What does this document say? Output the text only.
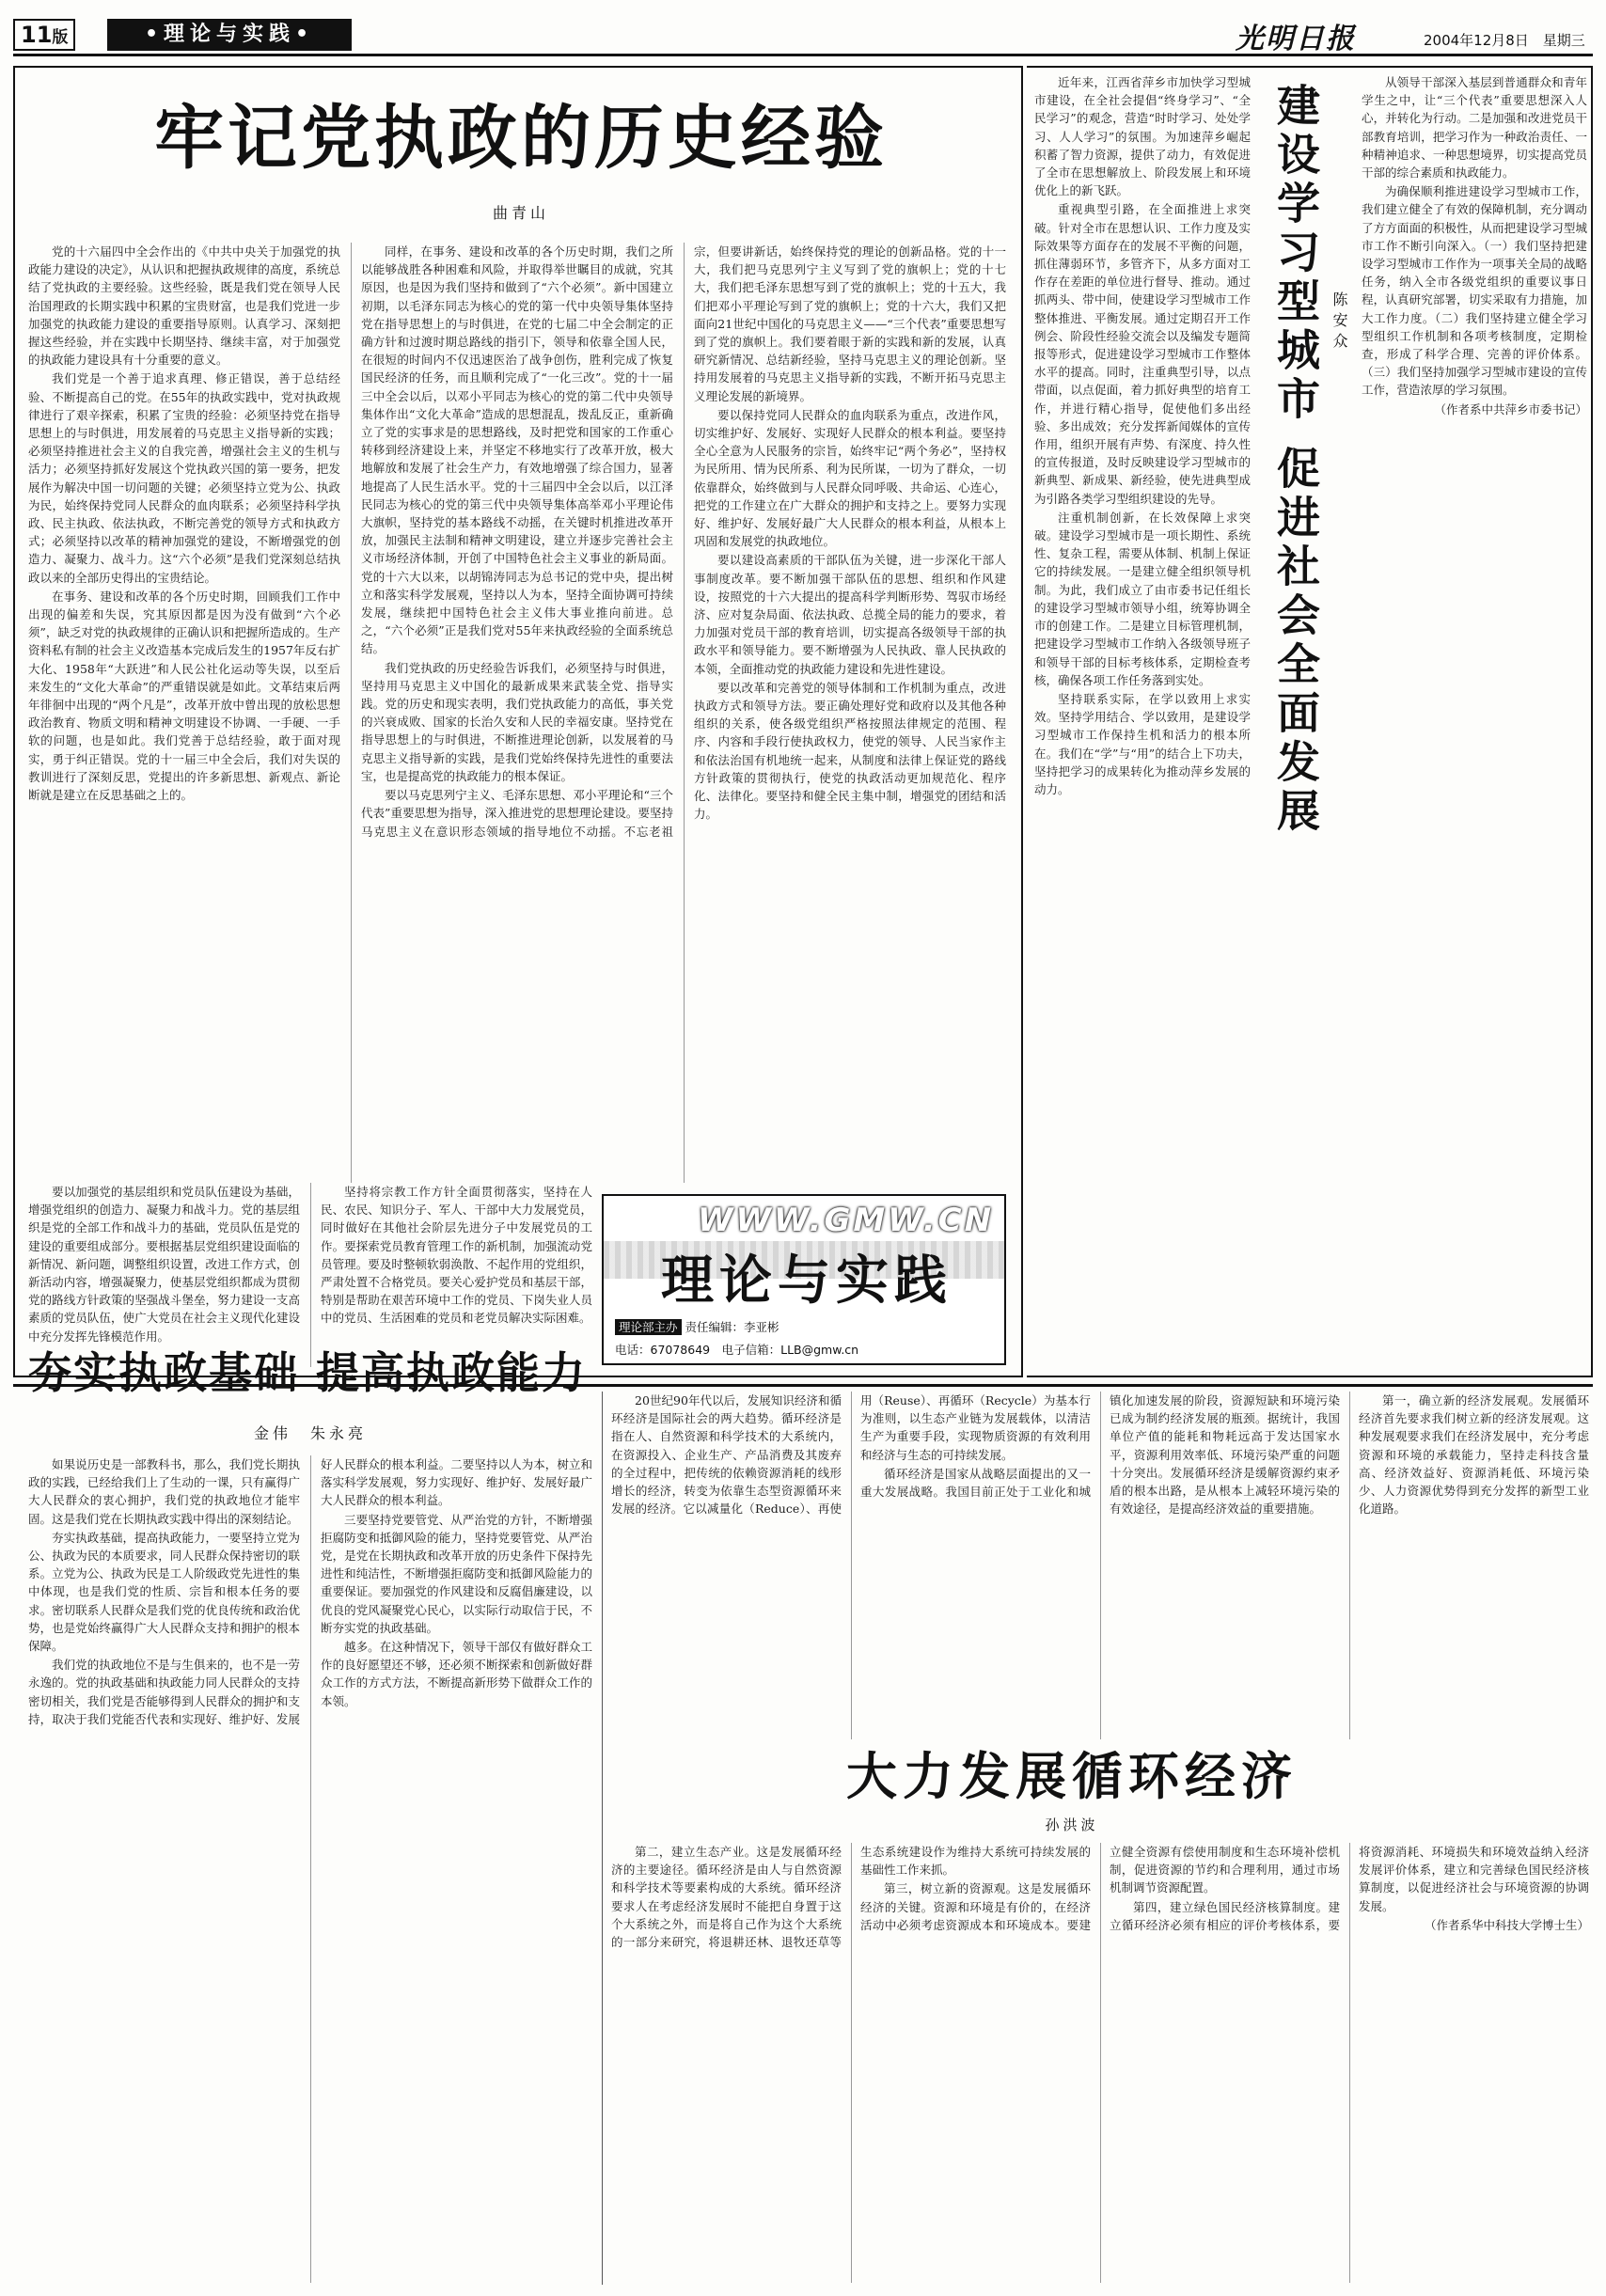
11版	•理论与实践•	光明日报	2004年12月8日　星期三
牢记党执政的历史经验
曲青山

党的十六届四中全会作出的《中共中央关于加强党的执政能力建设的决定》，从认识和把握执政规律的高度，系统总结了党执政的主要经验。这些经验，既是我们党在领导人民治国理政的长期实践中积累的宝贵财富，也是我们党进一步加强党的执政能力建设的重要指导原则。认真学习、深刻把握这些经验，并在实践中长期坚持、继续丰富，对于加强党的执政能力建设具有十分重要的意义。

我们党是一个善于追求真理、修正错误，善于总结经验、不断提高自己的党。在55年的执政实践中，党对执政规律进行了艰辛探索，积累了宝贵的经验：必须坚持党在指导思想上的与时俱进，用发展着的马克思主义指导新的实践；必须坚持推进社会主义的自我完善，增强社会主义的生机与活力；必须坚持抓好发展这个党执政兴国的第一要务，把发展作为解决中国一切问题的关键；必须坚持立党为公、执政为民，始终保持党同人民群众的血肉联系；必须坚持科学执政、民主执政、依法执政，不断完善党的领导方式和执政方式；必须坚持以改革的精神加强党的建设，不断增强党的创造力、凝聚力、战斗力。这“六个必须”是我们党深刻总结执政以来的全部历史得出的宝贵结论。

在事务、建设和改革的各个历史时期，回顾我们工作中出现的偏差和失误，究其原因都是因为没有做到“六个必须”，缺乏对党的执政规律的正确认识和把握所造成的。生产资料私有制的社会主义改造基本完成后发生的1957年反右扩大化、1958年“大跃进”和人民公社化运动等失误，以至后来发生的“文化大革命”的严重错误就是如此。文革结束后两年徘徊中出现的“两个凡是”，改革开放中曾出现的放松思想政治教育、物质文明和精神文明建设不协调、一手硬、一手软的问题，也是如此。我们党善于总结经验，敢于面对现实，勇于纠正错误。党的十一届三中全会后，我们对失误的教训进行了深刻反思，党提出的许多新思想、新观点、新论断就是建立在反思基础之上的。

同样，在事务、建设和改革的各个历史时期，我们之所以能够战胜各种困难和风险，并取得举世瞩目的成就，究其原因，也是因为我们坚持和做到了“六个必须”。新中国建立初期，以毛泽东同志为核心的党的第一代中央领导集体坚持党在指导思想上的与时俱进，在党的七届二中全会制定的正确方针和过渡时期总路线的指引下，领导和依靠全国人民，在很短的时间内不仅迅速医治了战争创伤，胜利完成了恢复国民经济的任务，而且顺利完成了“一化三改”。党的十一届三中全会以后，以邓小平同志为核心的党的第二代中央领导集体作出“文化大革命”造成的思想混乱，拨乱反正，重新确立了党的实事求是的思想路线，及时把党和国家的工作重心转移到经济建设上来，并坚定不移地实行了改革开放，极大地解放和发展了社会生产力，有效地增强了综合国力，显著地提高了人民生活水平。党的十三届四中全会以后，以江泽民同志为核心的党的第三代中央领导集体高举邓小平理论伟大旗帜，坚持党的基本路线不动摇，在关键时机推进改革开放，加强民主法制和精神文明建设，建立并逐步完善社会主义市场经济体制，开创了中国特色社会主义事业的新局面。党的十六大以来，以胡锦涛同志为总书记的党中央，提出树立和落实科学发展观，坚持以人为本，坚持全面协调可持续发展，继续把中国特色社会主义伟大事业推向前进。总之，“六个必须”正是我们党对55年来执政经验的全面系统总结。

我们党执政的历史经验告诉我们，必须坚持与时俱进，坚持用马克思主义中国化的最新成果来武装全党、指导实践。党的历史和现实表明，我们党执政能力的高低，事关党的兴衰成败、国家的长治久安和人民的幸福安康。坚持党在指导思想上的与时俱进，不断推进理论创新，以发展着的马克思主义指导新的实践，是我们党始终保持先进性的重要法宝，也是提高党的执政能力的根本保证。

要以马克思列宁主义、毛泽东思想、邓小平理论和“三个代表”重要思想为指导，深入推进党的思想理论建设。要坚持马克思主义在意识形态领域的指导地位不动摇。不忘老祖宗，但要讲新话，始终保持党的理论的创新品格。党的十一大，我们把马克思列宁主义写到了党的旗帜上；党的十七大，我们把毛泽东思想写到了党的旗帜上；党的十五大，我们把邓小平理论写到了党的旗帜上；党的十六大，我们又把面向21世纪中国化的马克思主义——“三个代表”重要思想写到了党的旗帜上。我们要着眼于新的实践和新的发展，认真研究新情况、总结新经验，坚持马克思主义的理论创新。坚持用发展着的马克思主义指导新的实践，不断开拓马克思主义理论发展的新境界。

要以保持党同人民群众的血肉联系为重点，改进作风，切实维护好、发展好、实现好人民群众的根本利益。要坚持全心全意为人民服务的宗旨，始终牢记“两个务必”，坚持权为民所用、情为民所系、利为民所谋，一切为了群众，一切依靠群众，始终做到与人民群众同呼吸、共命运、心连心，把党的工作建立在广大群众的拥护和支持之上。要努力实现好、维护好、发展好最广大人民群众的根本利益，从根本上巩固和发展党的执政地位。

要以建设高素质的干部队伍为关键，进一步深化干部人事制度改革。要不断加强干部队伍的思想、组织和作风建设，按照党的十六大提出的提高科学判断形势、驾驭市场经济、应对复杂局面、依法执政、总揽全局的能力的要求，着力加强对党员干部的教育培训，切实提高各级领导干部的执政水平和领导能力。要不断增强为人民执政、靠人民执政的本领，全面推动党的执政能力建设和先进性建设。

要以改革和完善党的领导体制和工作机制为重点，改进执政方式和领导方法。要正确处理好党和政府以及其他各种组织的关系，使各级党组织严格按照法律规定的范围、程序、内容和手段行使执政权力，使党的领导、人民当家作主和依法治国有机地统一起来，从制度和法律上保证党的路线方针政策的贯彻执行，使党的执政活动更加规范化、程序化、法律化。要坚持和健全民主集中制，增强党的团结和活力。

要以加强党的基层组织和党员队伍建设为基础，增强党组织的创造力、凝聚力和战斗力。党的基层组织是党的全部工作和战斗力的基础，党员队伍是党的建设的重要组成部分。要根据基层党组织建设面临的新情况、新问题，调整组织设置，改进工作方式，创新活动内容，增强凝聚力，使基层党组织都成为贯彻党的路线方针政策的坚强战斗堡垒，努力建设一支高素质的党员队伍，使广大党员在社会主义现代化建设中充分发挥先锋模范作用。

坚持将宗教工作方针全面贯彻落实，坚持在人民、农民、知识分子、军人、干部中大力发展党员，同时做好在其他社会阶层先进分子中发展党员的工作。要探索党员教育管理工作的新机制，加强流动党员管理。要及时整顿软弱涣散、不起作用的党组织，严肃处置不合格党员。要关心爱护党员和基层干部，特别是帮助在艰苦环境中工作的党员、下岗失业人员中的党员、生活困难的党员和老党员解决实际困难。

WWW.GMW.CN
理论与实践
理论部主办 责任编辑：李亚彬
电话：67078649　电子信箱：LLB@gmw.cn

近年来，江西省萍乡市加快学习型城市建设，在全社会提倡“终身学习”、“全民学习”的观念，营造“时时学习、处处学习、人人学习”的氛围。为加速萍乡崛起积蓄了智力资源，提供了动力，有效促进了全市在思想解放上、阶段发展上和环境优化上的新飞跃。

重视典型引路，在全面推进上求突破。针对全市在思想认识、工作力度及实际效果等方面存在的发展不平衡的问题，抓住薄弱环节，多管齐下，从多方面对工作存在差距的单位进行督导、推动。通过抓两头、带中间，使建设学习型城市工作整体推进、平衡发展。通过定期召开工作例会、阶段性经验交流会以及编发专题简报等形式，促进建设学习型城市工作整体水平的提高。同时，注重典型引导，以点带面，以点促面，着力抓好典型的培育工作，并进行精心指导，促使他们多出经验、多出成效；充分发挥新闻媒体的宣传作用，组织开展有声势、有深度、持久性的宣传报道，及时反映建设学习型城市的新典型、新成果、新经验，使先进典型成为引路各类学习型组织建设的先导。

注重机制创新，在长效保障上求突破。建设学习型城市是一项长期性、系统性、复杂工程，需要从体制、机制上保证它的持续发展。一是建立健全组织领导机制。为此，我们成立了由市委书记任组长的建设学习型城市领导小组，统筹协调全市的创建工作。二是建立目标管理机制，把建设学习型城市工作纳入各级领导班子和领导干部的目标考核体系，定期检查考核，确保各项工作任务落到实处。

坚持联系实际，在学以致用上求实效。坚持学用结合、学以致用，是建设学习型城市工作保持生机和活力的根本所在。我们在“学”与“用”的结合上下功夫，坚持把学习的成果转化为推动萍乡发展的动力。	建设学习型城市 促进社会全面发展 陈安众

从领导干部深入基层到普通群众和青年学生之中，让“三个代表”重要思想深入人心，并转化为行动。二是加强和改进党员干部教育培训，把学习作为一种政治责任、一种精神追求、一种思想境界，切实提高党员干部的综合素质和执政能力。

为确保顺利推进建设学习型城市工作，我们建立健全了有效的保障机制，充分调动了方方面面的积极性，从而把建设学习型城市工作不断引向深入。（一）我们坚持把建设学习型城市工作作为一项事关全局的战略任务，纳入全市各级党组织的重要议事日程，认真研究部署，切实采取有力措施，加大工作力度。（二）我们坚持建立健全学习型组织工作机制和各项考核制度，定期检查，形成了科学合理、完善的评价体系。（三）我们坚持加强学习型城市建设的宣传工作，营造浓厚的学习氛围。

（作者系中共萍乡市委书记）

夯实执政基础 提高执政能力
金伟　朱永亮

如果说历史是一部教科书，那么，我们党长期执政的实践，已经给我们上了生动的一课，只有赢得广大人民群众的衷心拥护，我们党的执政地位才能牢固。这是我们党在长期执政实践中得出的深刻结论。

夯实执政基础，提高执政能力，一要坚持立党为公、执政为民的本质要求，同人民群众保持密切的联系。立党为公、执政为民是工人阶级政党先进性的集中体现，也是我们党的性质、宗旨和根本任务的要求。密切联系人民群众是我们党的优良传统和政治优势，也是党始终赢得广大人民群众支持和拥护的根本保障。

我们党的执政地位不是与生俱来的，也不是一劳永逸的。党的执政基础和执政能力同人民群众的支持密切相关，我们党是否能够得到人民群众的拥护和支持，取决于我们党能否代表和实现好、维护好、发展好人民群众的根本利益。二要坚持以人为本，树立和落实科学发展观，努力实现好、维护好、发展好最广大人民群众的根本利益。

三要坚持党要管党、从严治党的方针，不断增强拒腐防变和抵御风险的能力，坚持党要管党、从严治党，是党在长期执政和改革开放的历史条件下保持先进性和纯洁性，不断增强拒腐防变和抵御风险能力的重要保证。要加强党的作风建设和反腐倡廉建设，以优良的党风凝聚党心民心，以实际行动取信于民，不断夯实党的执政基础。

越多。在这种情况下，领导干部仅有做好群众工作的良好愿望还不够，还必须不断探索和创新做好群众工作的方式方法，不断提高新形势下做群众工作的本领。

20世纪90年代以后，发展知识经济和循环经济是国际社会的两大趋势。循环经济是指在人、自然资源和科学技术的大系统内，在资源投入、企业生产、产品消费及其废弃的全过程中，把传统的依赖资源消耗的线形增长的经济，转变为依靠生态型资源循环来发展的经济。它以减量化（Reduce）、再使用（Reuse）、再循环（Recycle）为基本行为准则，以生态产业链为发展载体，以清洁生产为重要手段，实现物质资源的有效利用和经济与生态的可持续发展。

循环经济是国家从战略层面提出的又一重大发展战略。我国目前正处于工业化和城镇化加速发展的阶段，资源短缺和环境污染已成为制约经济发展的瓶颈。据统计，我国单位产值的能耗和物耗远高于发达国家水平，资源利用效率低、环境污染严重的问题十分突出。发展循环经济是缓解资源约束矛盾的根本出路，是从根本上减轻环境污染的有效途径，是提高经济效益的重要措施。

第一，确立新的经济发展观。发展循环经济首先要求我们树立新的经济发展观。这种发展观要求我们在经济发展中，充分考虑资源和环境的承载能力，坚持走科技含量高、经济效益好、资源消耗低、环境污染少、人力资源优势得到充分发挥的新型工业化道路。

大力发展循环经济
孙洪波

第二，建立生态产业。这是发展循环经济的主要途径。循环经济是由人与自然资源和科学技术等要素构成的大系统。循环经济要求人在考虑经济发展时不能把自身置于这个大系统之外，而是将自己作为这个大系统的一部分来研究，将退耕还林、退牧还草等生态系统建设作为维持大系统可持续发展的基础性工作来抓。

第三，树立新的资源观。这是发展循环经济的关键。资源和环境是有价的，在经济活动中必须考虑资源成本和环境成本。要建立健全资源有偿使用制度和生态环境补偿机制，促进资源的节约和合理利用，通过市场机制调节资源配置。

第四，建立绿色国民经济核算制度。建立循环经济必须有相应的评价考核体系，要将资源消耗、环境损失和环境效益纳入经济发展评价体系，建立和完善绿色国民经济核算制度，以促进经济社会与环境资源的协调发展。

（作者系华中科技大学博士生）
